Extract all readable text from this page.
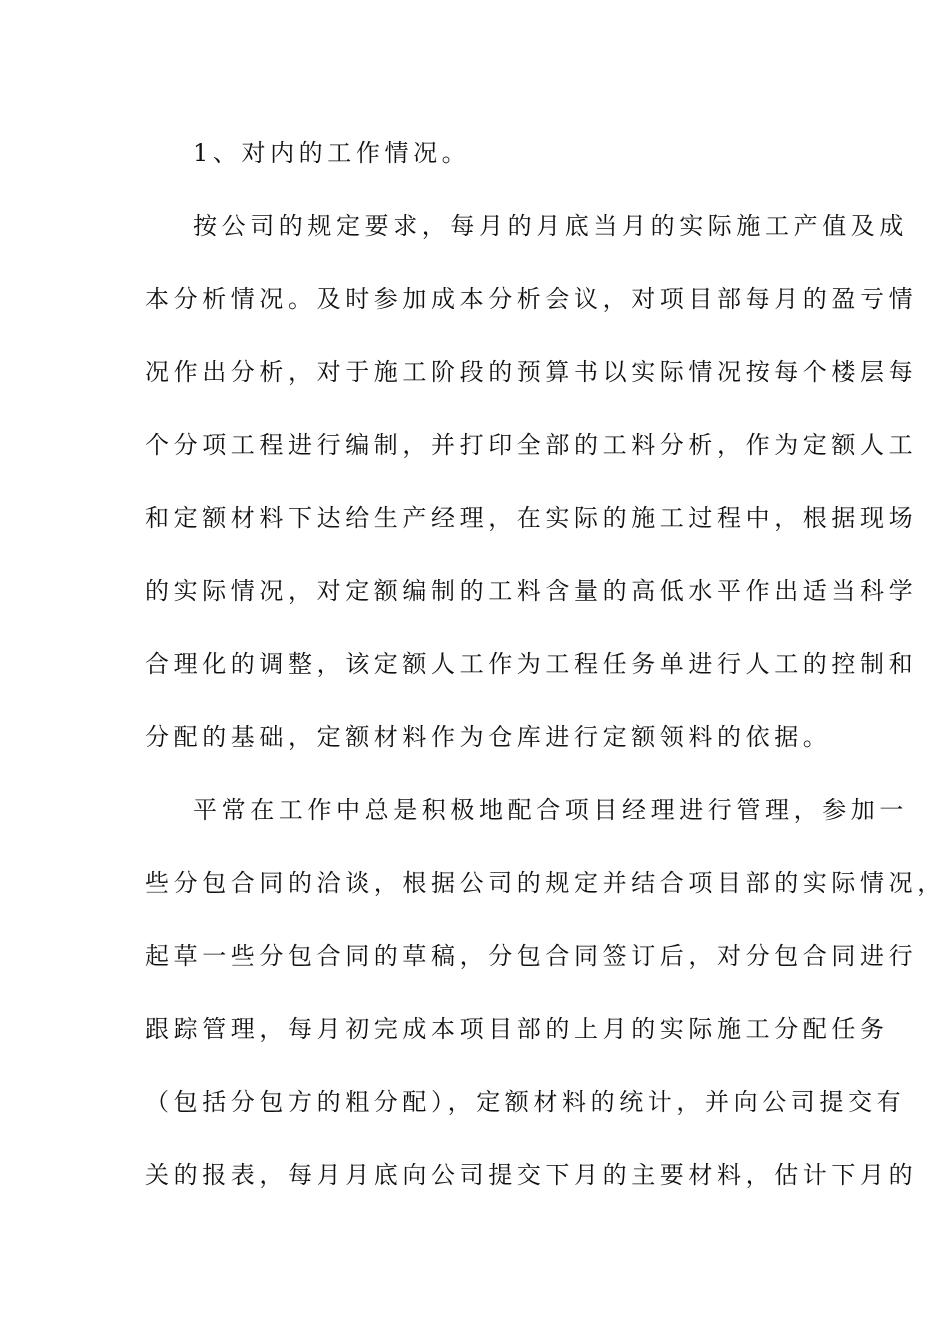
1、对内的工作情况。
按公司的规定要求，每月的月底当月的实际施工产值及成
本分析情况。及时参加成本分析会议，对项目部每月的盈亏情
况作出分析，对于施工阶段的预算书以实际情况按每个楼层每
个分项工程进行编制，并打印全部的工料分析，作为定额人工
和定额材料下达给生产经理，在实际的施工过程中，根据现场
的实际情况，对定额编制的工料含量的高低水平作出适当科学
合理化的调整，该定额人工作为工程任务单进行人工的控制和
分配的基础，定额材料作为仓库进行定额领料的依据。
平常在工作中总是积极地配合项目经理进行管理，参加一
些分包合同的洽谈，根据公司的规定并结合项目部的实际情况，
起草一些分包合同的草稿，分包合同签订后，对分包合同进行
跟踪管理，每月初完成本项目部的上月的实际施工分配任务
（包括分包方的粗分配），定额材料的统计，并向公司提交有
关的报表，每月月底向公司提交下月的主要材料，估计下月的
